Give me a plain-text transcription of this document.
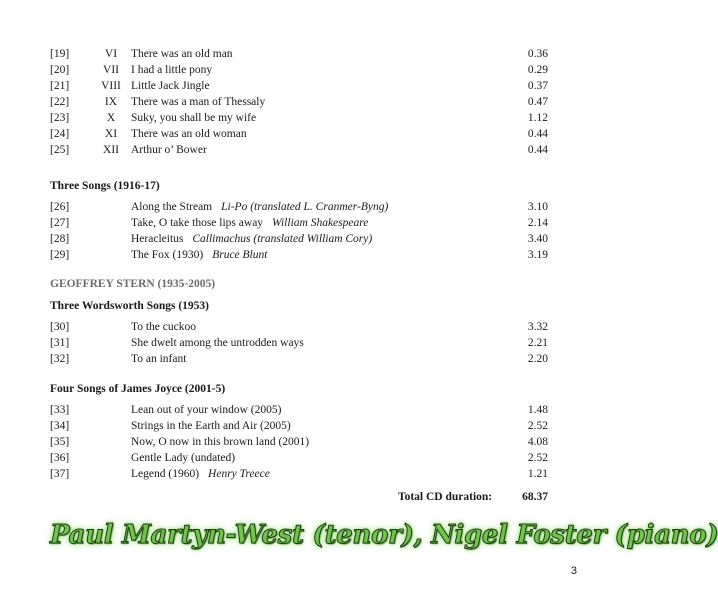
[19]	VI	There was an old man	0.36
[20]	VII	I had a little pony	0.29
[21]	VIII Little Jack Jingle	0.37
[22]	IX	There was a man of Thessaly	0.47
[23]	X	Suky, you shall be my wife	1.12
[24]	XI	There was an old woman	0.44
[25]	XII	Arthur o’ Bower	0.44
Three Songs (1916-17)
[26]	Along the Stream Li-Po (translated L. Cranmer-Byng)	3.10
[27]	Take, O take those lips away William Shakespeare	2.14
[28]	Heracleitus Callimachus (translated William Cory)	3.40
[29]	The Fox (1930) Bruce Blunt	3.19
GEOFFREY STERN (1935-2005)
Three Wordsworth Songs (1953)
[30]	To the cuckoo	3.32
[31]	She dwelt among the untrodden ways	2.21
[32]	To an infant	2.20
Four Songs of James Joyce (2001-5)
[33]	Lean out of your window (2005)	1.48
[34]	Strings in the Earth and Air (2005)	2.52
[35]	Now, O now in this brown land (2001)	4.08
[36]	Gentle Lady (undated)	2.52
[37]	Legend (1960) Henry Treece	1.21
Total CD duration:	68.37
Paul Martyn-West (tenor), Nigel Foster (piano)
3
